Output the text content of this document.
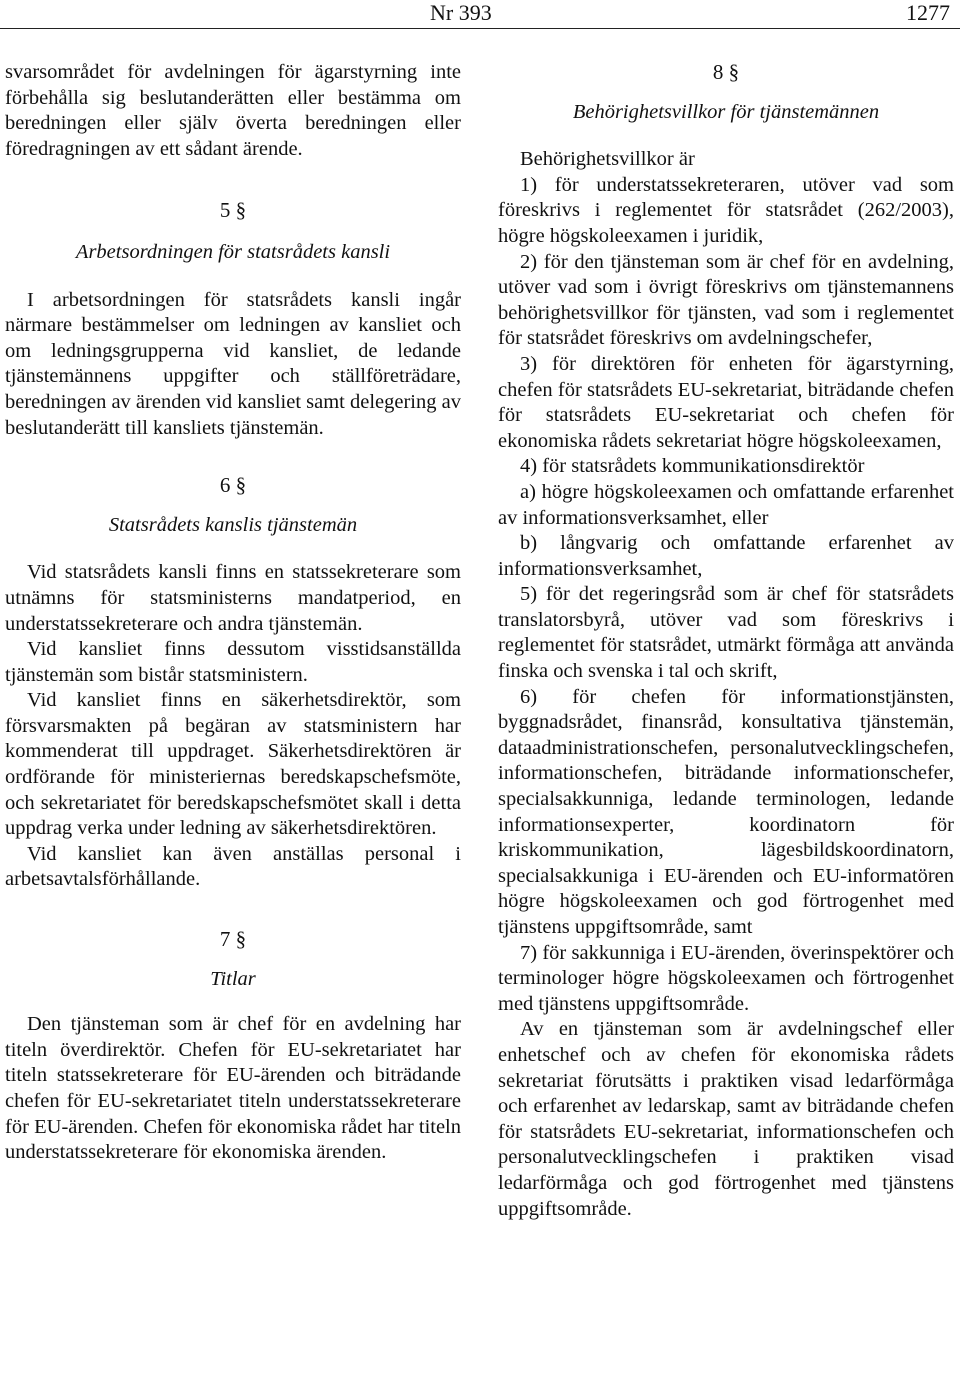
Nr 393	1277

svarsområdet för avdelningen för ägarstyrning inte förbehålla sig beslutanderätten eller bestämma om beredningen eller själv överta beredningen eller föredragningen av ett sådant ärende.

5 §

Arbetsordningen för statsrådets kansli

I arbetsordningen för statsrådets kansli ingår närmare bestämmelser om ledningen av kansliet och om ledningsgrupperna vid kansliet, de ledande tjänstemännens uppgifter och ställföreträdare, beredningen av ärenden vid kansliet samt delegering av beslutanderätt till kansliets tjänstemän.

6 §

Statsrådets kanslis tjänstemän

Vid statsrådets kansli finns en statssekreterare som utnämns för statsministerns mandatperiod, en understatssekreterare och andra tjänstemän.

Vid kansliet finns dessutom visstidsanställda tjänstemän som bistår statsministern.

Vid kansliet finns en säkerhetsdirektör, som försvarsmakten på begäran av statsministern har kommenderat till uppdraget. Säkerhetsdirektören är ordförande för ministeriernas beredskapschefsmöte, och sekretariatet för beredskapschefsmötet skall i detta uppdrag verka under ledning av säkerhetsdirektören.

Vid kansliet kan även anställas personal i arbetsavtalsförhållande.

7 §

Titlar

Den tjänsteman som är chef för en avdelning har titeln överdirektör. Chefen för EU-sekretariatet har titeln statssekreterare för EU-ärenden och biträdande chefen för EU-sekretariatet titeln understatssekreterare för EU-ärenden. Chefen för ekonomiska rådet har titeln understatssekreterare för ekonomiska ärenden.

8 §

Behörighetsvillkor för tjänstemännen

Behörighetsvillkor är

1) för understatssekreteraren, utöver vad som föreskrivs i reglementet för statsrådet (262/2003), högre högskoleexamen i juridik,

2) för den tjänsteman som är chef för en avdelning, utöver vad som i övrigt föreskrivs om tjänstemannens behörighetsvillkor för tjänsten, vad som i reglementet för statsrådet föreskrivs om avdelningschefer,

3) för direktören för enheten för ägarstyrning, chefen för statsrådets EU-sekretariat, biträdande chefen för statsrådets EU-sekretariat och chefen för ekonomiska rådets sekretariat högre högskoleexamen,

4) för statsrådets kommunikationsdirektör

a) högre högskoleexamen och omfattande erfarenhet av informationsverksamhet, eller

b) långvarig och omfattande erfarenhet av informationsverksamhet,

5) för det regeringsråd som är chef för statsrådets translatorsbyrå, utöver vad som föreskrivs i reglementet för statsrådet, utmärkt förmåga att använda finska och svenska i tal och skrift,

6) för chefen för informationstjänsten, byggnadsrådet, finansråd, konsultativa tjänstemän, dataadministrationschefen, personalutvecklingschefen, informationschefen, biträdande informationschefer, specialsakkunniga, ledande terminologen, ledande informationsexperter, koordinatorn för kriskommunikation, lägesbildskoordinatorn, specialsakkuniga i EU-ärenden och EU-informatören högre högskoleexamen och god förtrogenhet med tjänstens uppgiftsområde, samt

7) för sakkunniga i EU-ärenden, överinspektörer och terminologer högre högskoleexamen och förtrogenhet med tjänstens uppgiftsområde.

Av en tjänsteman som är avdelningschef eller enhetschef och av chefen för ekonomiska rådets sekretariat förutsätts i praktiken visad ledarförmåga och erfarenhet av ledarskap, samt av biträdande chefen för statsrådets EU-sekretariat, informationschefen och personalutvecklingschefen i praktiken visad ledarförmåga och god förtrogenhet med tjänstens uppgiftsområde.
